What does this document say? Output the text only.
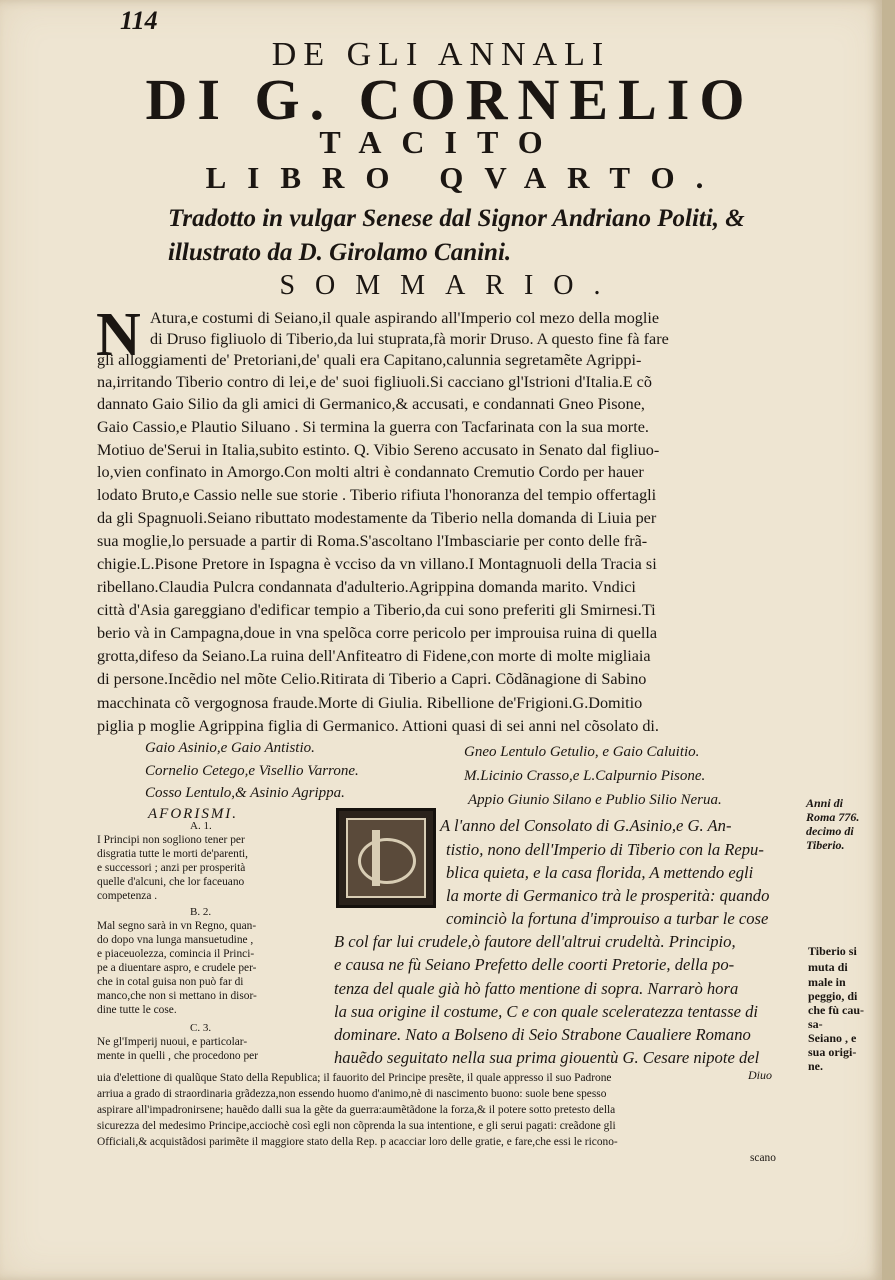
114
DE GLI ANNALI
DI G. CORNELIO
TACITO
LIBRO QVARTO.
Tradotto in vulgar Senese dal Signor Andriano Politi, &
illustrato da D. Girolamo Canini.
SOMMARIO.
N Atura,e costumi di Seiano,il quale aspirando all'Imperio col mezo della moglie
di Druso figliuolo di Tiberio,da lui stuprata,fà morir Druso. A questo fine fà fare
gli alloggiamenti de' Pretoriani,de' quali era Capitano,calunnia segretamẽte Agrippi-
na,irritando Tiberio contro di lei,e de' suoi figliuoli.Si cacciano gl'Istrioni d'Italia.E cõ
dannato Gaio Silio da gli amici di Germanico,& accusati, e condannati Gneo Pisone,
Gaio Cassio,e Plautio Siluano . Si termina la guerra con Tacfarinata con la sua morte.
Motiuo de'Serui in Italia,subito estinto. Q. Vibio Sereno accusato in Senato dal figliuo-
lo,vien confinato in Amorgo.Con molti altri è condannato Cremutio Cordo per hauer
lodato Bruto,e Cassio nelle sue storie . Tiberio rifiuta l'honoranza del tempio offertagli
da gli Spagnuoli.Seiano ributtato modestamente da Tiberio nella domanda di Liuia per
sua moglie,lo persuade a partir di Roma.S'ascoltano l'Imbasciarie per conto delle frã-
chigie.L.Pisone Pretore in Ispagna è vcciso da vn villano.I Montagnuoli della Tracia si
ribellano.Claudia Pulcra condannata d'adulterio.Agrippina domanda marito. Vndici
città d'Asia gareggiano d'edificar tempio a Tiberio,da cui sono preferiti gli Smirnesi.Ti
berio và in Campagna,doue in vna spelõca corre pericolo per improuisa ruina di quella
grotta,difeso da Seiano.La ruina dell'Anfiteatro di Fidene,con morte di molte migliaia
di persone.Incẽdio nel mõte Celio.Ritirata di Tiberio a Capri. Cõdãnagione di Sabino
macchinata cõ vergognosa fraude.Morte di Giulia. Ribellione de'Frigioni.G.Domitio
piglia p moglie Agrippina figlia di Germanico. Attioni quasi di sei anni nel cõsolato di.
Gaio Asinio,e Gaio Antistio.
Cornelio Cetego,e Visellio Varrone.
Cosso Lentulo,& Asinio Agrippa.
Gneo Lentulo Getulio, e Gaio Caluitio.
M.Licinio Crasso,e L.Calpurnio Pisone.
Appio Giunio Silano e Publio Silio Nerua.
AFORISMI.
A. 1.
I Principi non sogliono tener per
disgratia tutte le morti de'parenti,
e successori ; anzi per prosperità
quelle d'alcuni, che lor faceuano
competenza .
B. 2.
Mal segno sarà in vn Regno, quan-
do dopo vna lunga mansuetudine ,
e piaceuolezza, comincia il Princi-
pe a diuentare aspro, e crudele per-
che in cotal guisa non può far di
manco,che non si mettano in disor-
dine tutte le cose.
C. 3.
Ne gl'Imperij nuoui, e particolar-
mente in quelli , che procedono per
A l'anno del Consolato di G.Asinio,e G. An-
tistio, nono dell'Imperio di Tiberio con la Repu-
blica quieta, e la casa florida, A mettendo egli
la morte di Germanico trà le prosperità: quando
cominciò la fortuna d'improuiso a turbar le cose
B col far lui crudele,ò fautore dell'altrui crudeltà. Principio,
e causa ne fù Seiano Prefetto delle coorti Pretorie, della po-
tenza del quale già hò fatto mentione di sopra. Narrarò hora
la sua origine il costume, C e con quale sceleratezza tentasse di
dominare. Nato a Bolseno di Seio Strabone Caualiere Romano
hauẽdo seguitato nella sua prima giouentù G. Cesare nipote del
Diuo
uia d'elettione di qualũque Stato della Republica; il fauorito del Principe presẽte, il quale appresso il suo Padrone
arriua a grado di straordinaria grãdezza,non essendo huomo d'animo,nè di nascimento buono: suole bene spesso
aspirare all'impadronirsene; hauẽdo dalli sua la gẽte da guerra:aumẽtãdone la forza,& il potere sotto pretesto della
sicurezza del medesimo Principe,acciochè così egli non cõprenda la sua intentione, e gli serui pagati: creãdone gli
Officiali,& acquistãdosi parimẽte il maggiore stato della Rep. p acacciar loro delle gratie, e fare,che essi le ricono-
scano
Anni di
Roma 776.
decimo di
Tiberio.
Tiberio si
muta di
male in
peggio, di
che fù cau-
sa-
Seiano , e
sua origi-
ne.
